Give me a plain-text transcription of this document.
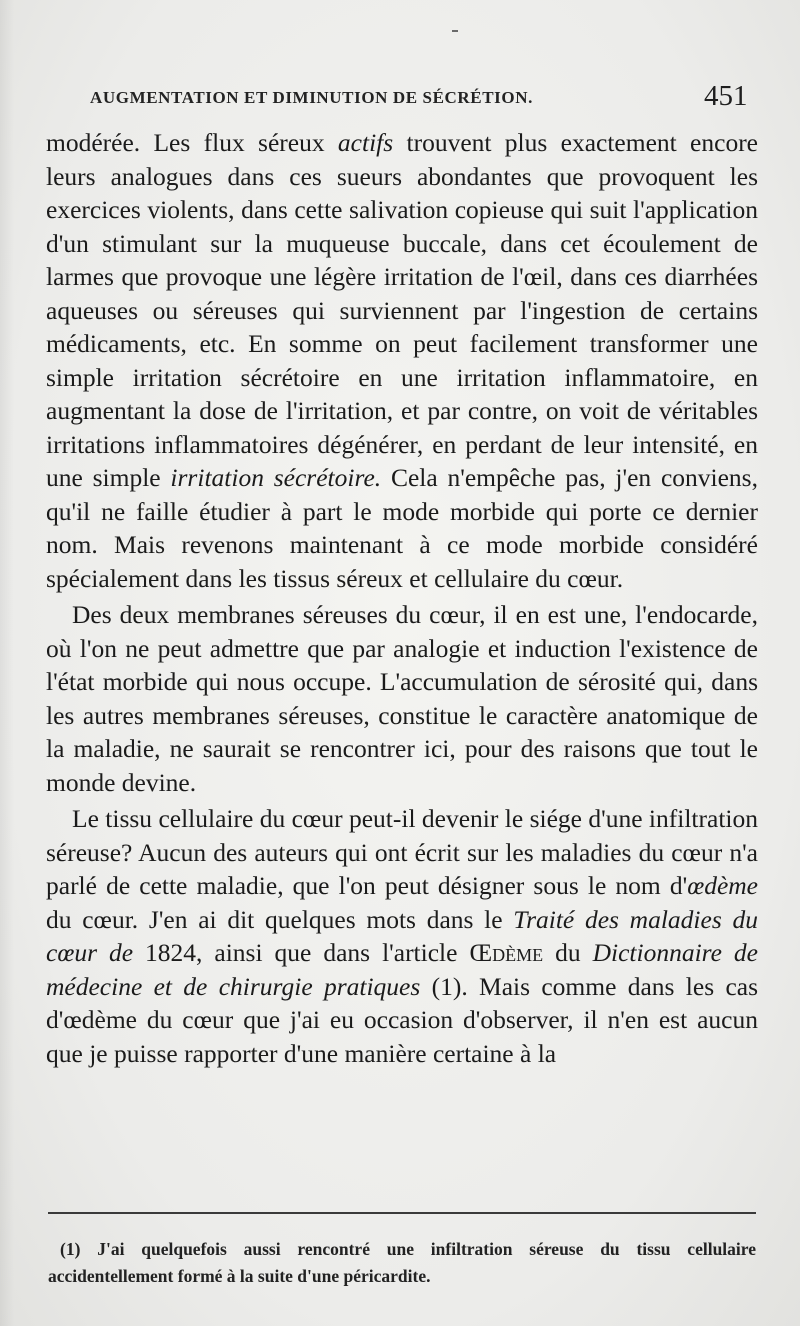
AUGMENTATION ET DIMINUTION DE SÉCRÉTION.	451

modérée. Les flux séreux actifs trouvent plus exactement encore leurs analogues dans ces sueurs abondantes que provoquent les exercices violents, dans cette salivation copieuse qui suit l'application d'un stimulant sur la muqueuse buccale, dans cet écoulement de larmes que provoque une légère irritation de l'œil, dans ces diarrhées aqueuses ou séreuses qui surviennent par l'ingestion de certains médicaments, etc. En somme on peut facilement transformer une simple irritation sécrétoire en une irritation inflammatoire, en augmentant la dose de l'irritation, et par contre, on voit de véritables irritations inflammatoires dégénérer, en perdant de leur intensité, en une simple irritation sécrétoire. Cela n'empêche pas, j'en conviens, qu'il ne faille étudier à part le mode morbide qui porte ce dernier nom. Mais revenons maintenant à ce mode morbide considéré spécialement dans les tissus séreux et cellulaire du cœur.

Des deux membranes séreuses du cœur, il en est une, l'endocarde, où l'on ne peut admettre que par analogie et induction l'existence de l'état morbide qui nous occupe. L'accumulation de sérosité qui, dans les autres membranes séreuses, constitue le caractère anatomique de la maladie, ne saurait se rencontrer ici, pour des raisons que tout le monde devine.

Le tissu cellulaire du cœur peut-il devenir le siége d'une infiltration séreuse? Aucun des auteurs qui ont écrit sur les maladies du cœur n'a parlé de cette maladie, que l'on peut désigner sous le nom d'œdème du cœur. J'en ai dit quelques mots dans le Traité des maladies du cœur de 1824, ainsi que dans l'article Œdème du Dictionnaire de médecine et de chirurgie pratiques (1). Mais comme dans les cas d'œdème du cœur que j'ai eu occasion d'observer, il n'en est aucun que je puisse rapporter d'une manière certaine à la

(1) J'ai quelquefois aussi rencontré une infiltration séreuse du tissu cellulaire accidentellement formé à la suite d'une péricardite.
